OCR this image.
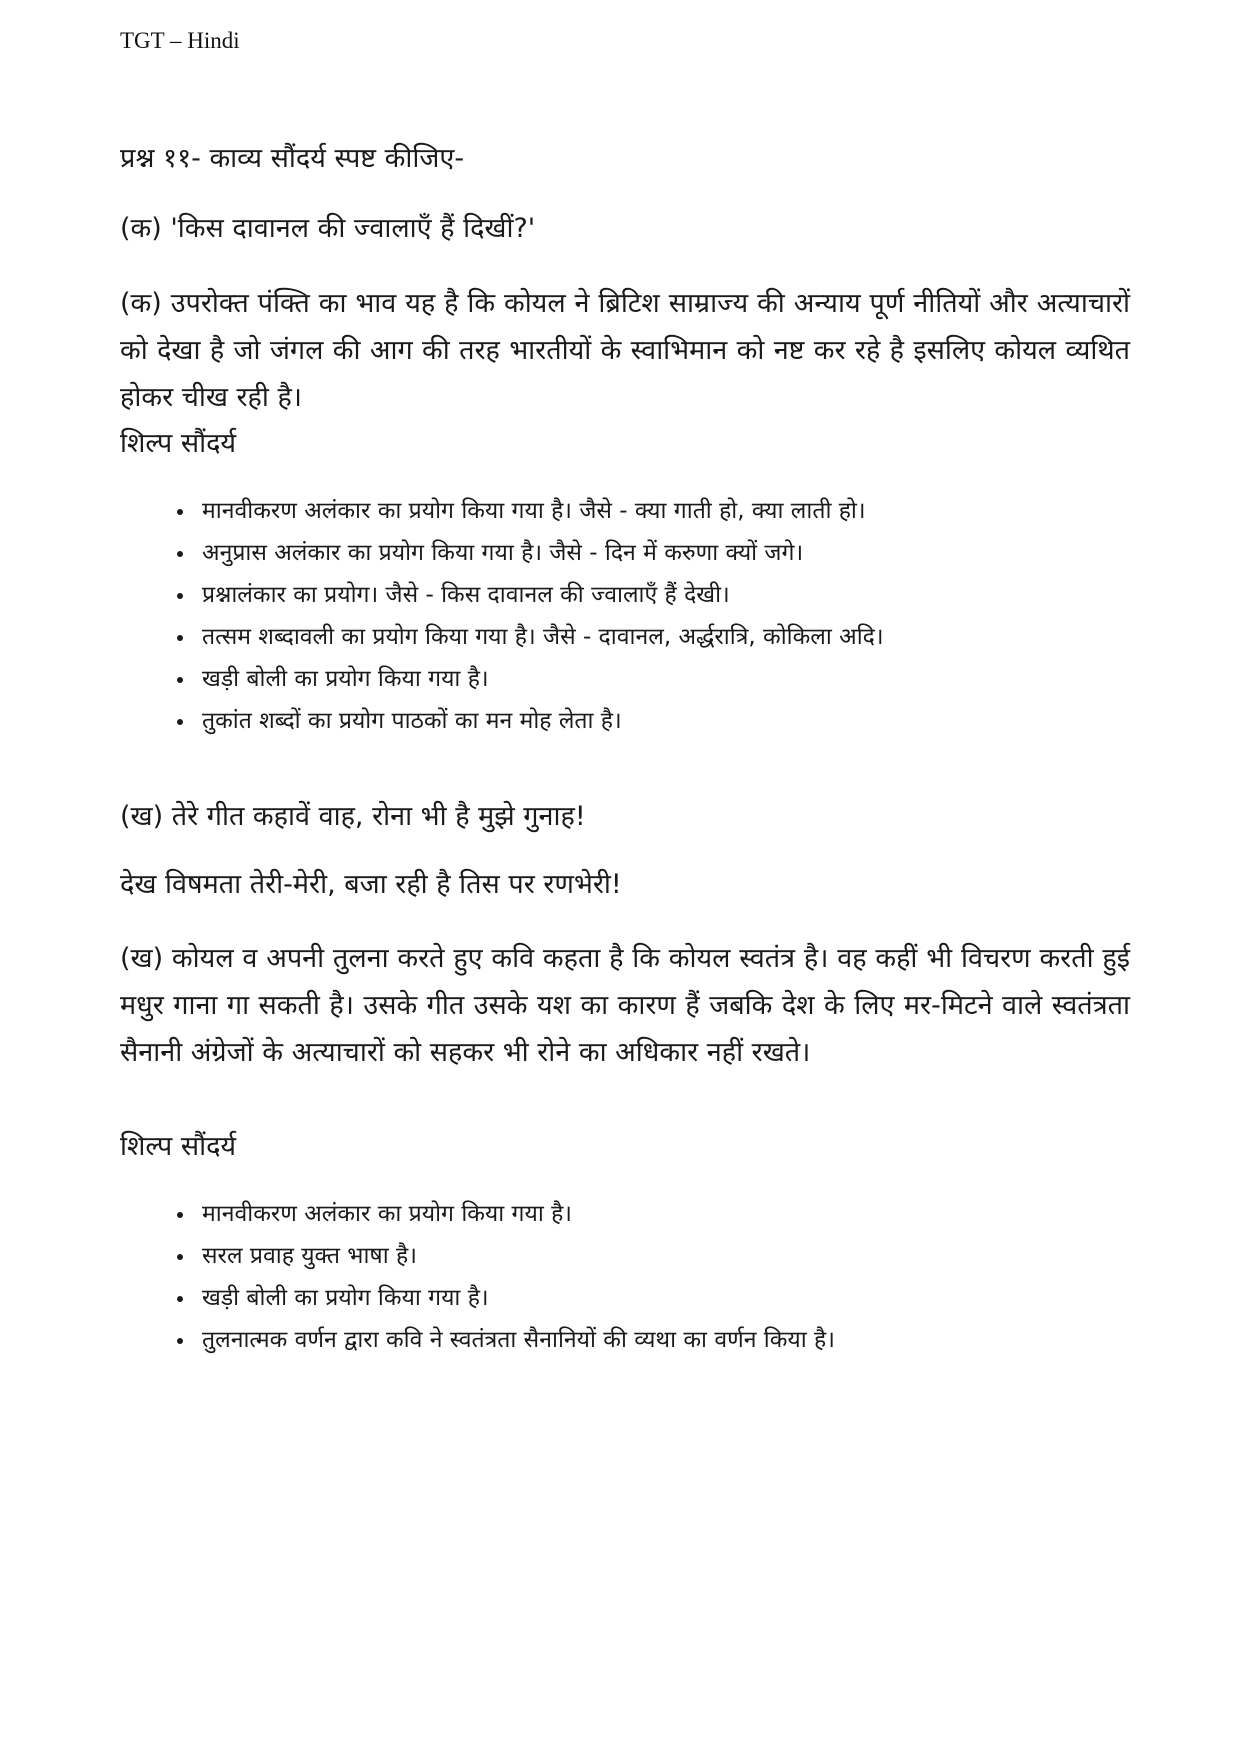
TGT – Hindi
प्रश्न ११- काव्य सौंदर्य स्पष्ट कीजिए-
(क) 'किस दावानल की ज्वालाएँ हैं दिखीं?'
(क) उपरोक्त पंक्ति का भाव यह है कि कोयल ने ब्रिटिश साम्राज्य की अन्याय पूर्ण नीतियों और अत्याचारों को देखा है जो जंगल की आग की तरह भारतीयों के स्वाभिमान को नष्ट कर रहे है इसलिए कोयल व्यथित होकर चीख रही है।
शिल्प सौंदर्य
• मानवीकरण अलंकार का प्रयोग किया गया है। जैसे - क्या गाती हो, क्या लाती हो।
• अनुप्रास अलंकार का प्रयोग किया गया है। जैसे - दिन में करुणा क्यों जगे।
• प्रश्नालंकार का प्रयोग। जैसे - किस दावानल की ज्वालाएँ हैं देखी।
• तत्सम शब्दावली का प्रयोग किया गया है। जैसे - दावानल, अर्द्धरात्रि, कोकिला अदि।
• खड़ी बोली का प्रयोग किया गया है।
• तुकांत शब्दों का प्रयोग पाठकों का मन मोह लेता है।
(ख) तेरे गीत कहावें वाह, रोना भी है मुझे गुनाह!
देख विषमता तेरी-मेरी, बजा रही है तिस पर रणभेरी!
(ख) कोयल व अपनी तुलना करते हुए कवि कहता है कि कोयल स्वतंत्र है। वह कहीं भी विचरण करती हुई मधुर गाना गा सकती है। उसके गीत उसके यश का कारण हैं जबकि देश के लिए मर-मिटने वाले स्वतंत्रता सैनानी अंग्रेजों के अत्याचारों को सहकर भी रोने का अधिकार नहीं रखते।
शिल्प सौंदर्य
• मानवीकरण अलंकार का प्रयोग किया गया है।
• सरल प्रवाह युक्त भाषा है।
• खड़ी बोली का प्रयोग किया गया है।
• तुलनात्मक वर्णन द्वारा कवि ने स्वतंत्रता सैनानियों की व्यथा का वर्णन किया है।
